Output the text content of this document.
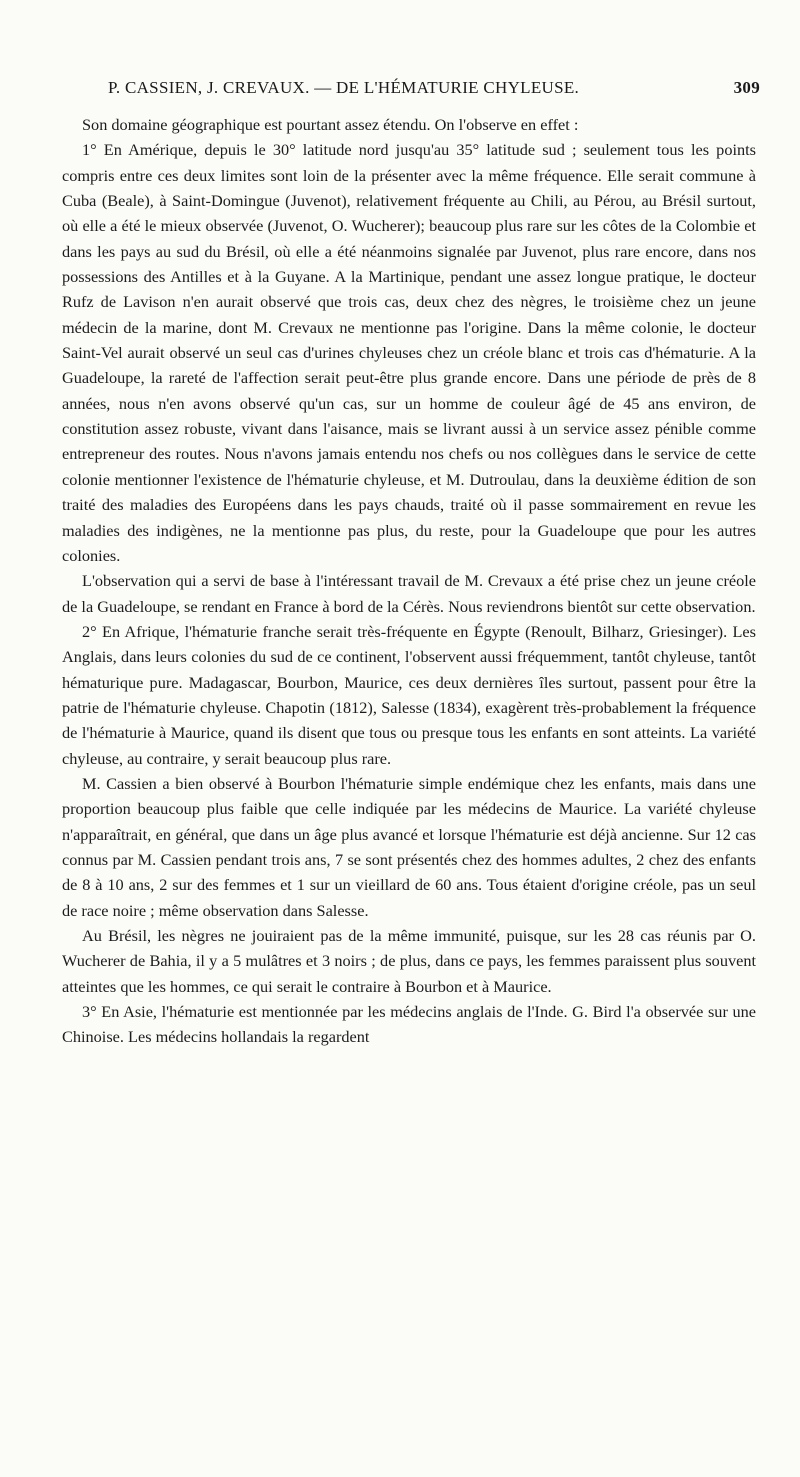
P. CASSIEN, J. CREVAUX. — DE L'HÉMATURIE CHYLEUSE.	309

Son domaine géographique est pourtant assez étendu. On l'observe en effet :

1° En Amérique, depuis le 30° latitude nord jusqu'au 35° latitude sud ; seulement tous les points compris entre ces deux limites sont loin de la présenter avec la même fréquence. Elle serait commune à Cuba (Beale), à Saint-Domingue (Juvenot), relativement fréquente au Chili, au Pérou, au Brésil surtout, où elle a été le mieux observée (Juvenot, O. Wucherer); beaucoup plus rare sur les côtes de la Colombie et dans les pays au sud du Brésil, où elle a été néanmoins signalée par Juvenot, plus rare encore, dans nos possessions des Antilles et à la Guyane. A la Martinique, pendant une assez longue pratique, le docteur Rufz de Lavison n'en aurait observé que trois cas, deux chez des nègres, le troisième chez un jeune médecin de la marine, dont M. Crevaux ne mentionne pas l'origine. Dans la même colonie, le docteur Saint-Vel aurait observé un seul cas d'urines chyleuses chez un créole blanc et trois cas d'hématurie. A la Guadeloupe, la rareté de l'affection serait peut-être plus grande encore. Dans une période de près de 8 années, nous n'en avons observé qu'un cas, sur un homme de couleur âgé de 45 ans environ, de constitution assez robuste, vivant dans l'aisance, mais se livrant aussi à un service assez pénible comme entrepreneur des routes. Nous n'avons jamais entendu nos chefs ou nos collègues dans le service de cette colonie mentionner l'existence de l'hématurie chyleuse, et M. Dutroulau, dans la deuxième édition de son traité des maladies des Européens dans les pays chauds, traité où il passe sommairement en revue les maladies des indigènes, ne la mentionne pas plus, du reste, pour la Guadeloupe que pour les autres colonies.

L'observation qui a servi de base à l'intéressant travail de M. Crevaux a été prise chez un jeune créole de la Guadeloupe, se rendant en France à bord de la Cérès. Nous reviendrons bientôt sur cette observation.

2° En Afrique, l'hématurie franche serait très-fréquente en Égypte (Renoult, Bilharz, Griesinger). Les Anglais, dans leurs colonies du sud de ce continent, l'observent aussi fréquemment, tantôt chyleuse, tantôt hématurique pure. Madagascar, Bourbon, Maurice, ces deux dernières îles surtout, passent pour être la patrie de l'hématurie chyleuse. Chapotin (1812), Salesse (1834), exagèrent très-probablement la fréquence de l'hématurie à Maurice, quand ils disent que tous ou presque tous les enfants en sont atteints. La variété chyleuse, au contraire, y serait beaucoup plus rare.

M. Cassien a bien observé à Bourbon l'hématurie simple endémique chez les enfants, mais dans une proportion beaucoup plus faible que celle indiquée par les médecins de Maurice. La variété chyleuse n'apparaîtrait, en général, que dans un âge plus avancé et lorsque l'hématurie est déjà ancienne. Sur 12 cas connus par M. Cassien pendant trois ans, 7 se sont présentés chez des hommes adultes, 2 chez des enfants de 8 à 10 ans, 2 sur des femmes et 1 sur un vieillard de 60 ans. Tous étaient d'origine créole, pas un seul de race noire ; même observation dans Salesse.

Au Brésil, les nègres ne jouiraient pas de la même immunité, puisque, sur les 28 cas réunis par O. Wucherer de Bahia, il y a 5 mulâtres et 3 noirs ; de plus, dans ce pays, les femmes paraissent plus souvent atteintes que les hommes, ce qui serait le contraire à Bourbon et à Maurice.

3° En Asie, l'hématurie est mentionnée par les médecins anglais de l'Inde. G. Bird l'a observée sur une Chinoise. Les médecins hollandais la regardent
